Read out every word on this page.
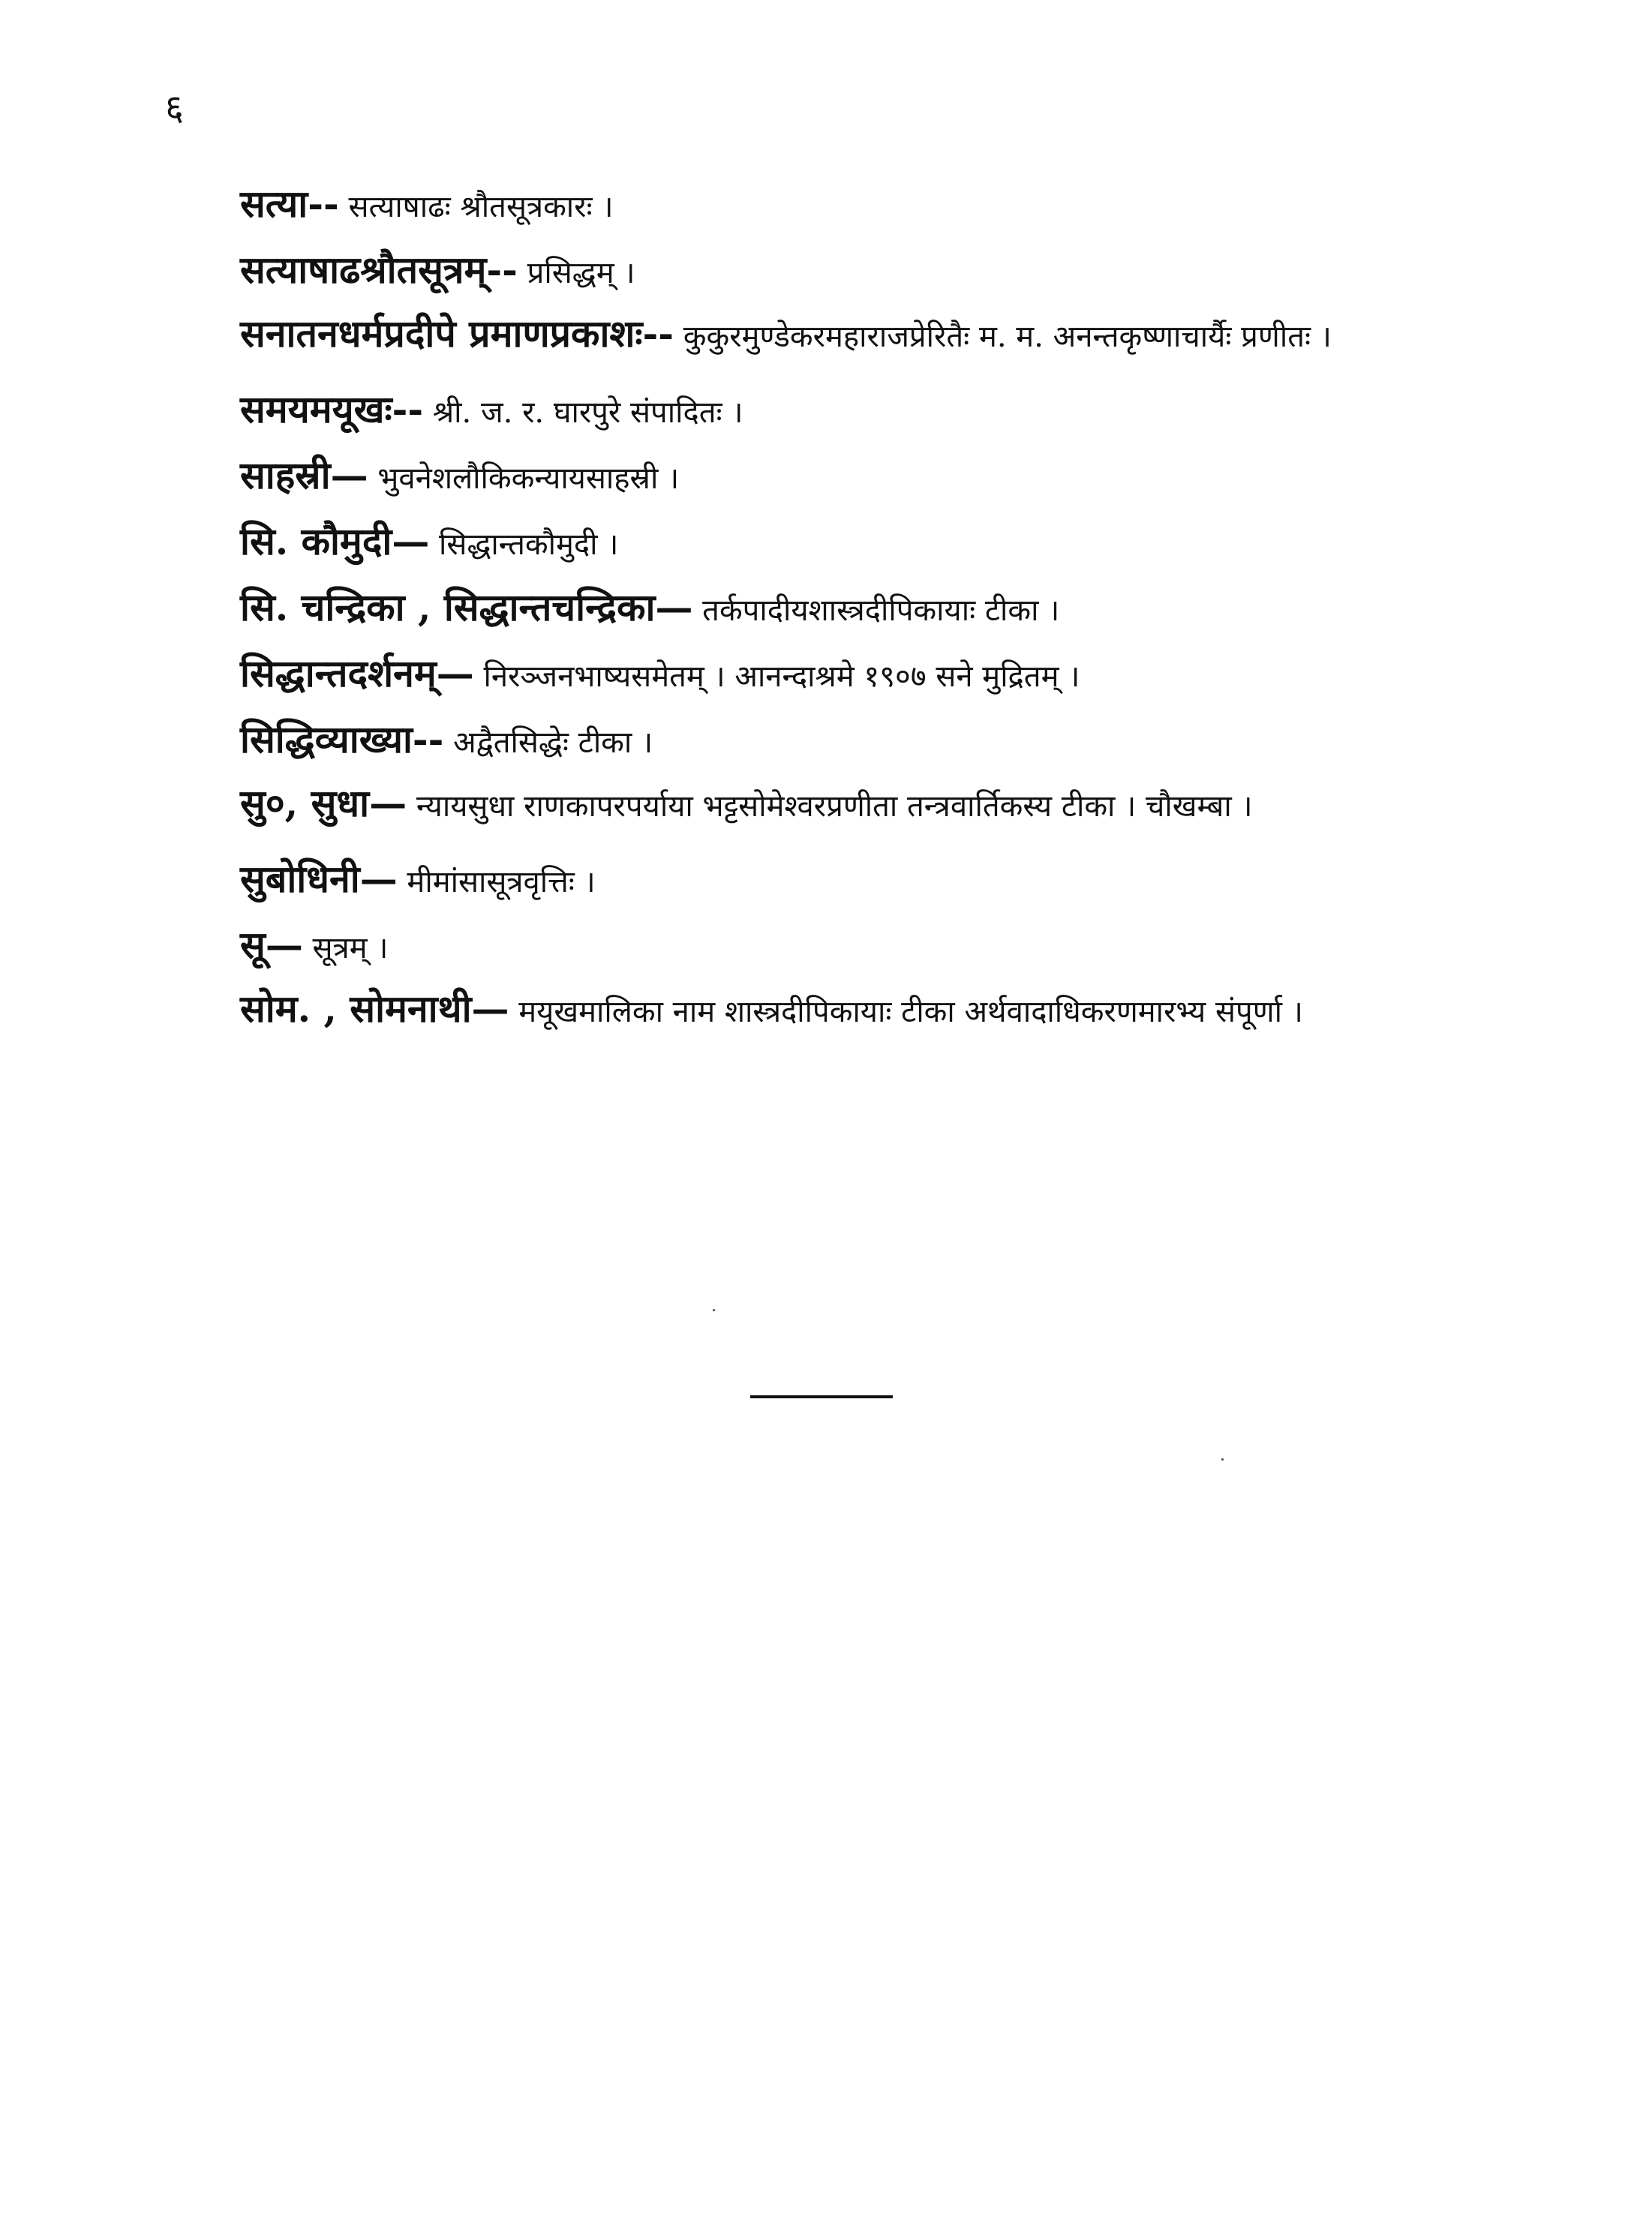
६

सत्या-- सत्याषाढः श्रौतसूत्रकारः ।

सत्याषाढश्रौतसूत्रम्-- प्रसिद्धम् ।

सनातनधर्मप्रदीपे प्रमाणप्रकाशः-- कुकुरमुण्डेकरमहाराजप्रेरितैः म. म. अनन्तकृष्णाचार्यैः प्रणीतः ।

समयमयूखः-- श्री. ज. र. घारपुरे संपादितः ।

साहस्री— भुवनेशलौकिकन्यायसाहस्री ।

सि. कौमुदी— सिद्धान्तकौमुदी ।

सि. चन्द्रिका , सिद्धान्तचन्द्रिका— तर्कपादीयशास्त्रदीपिकायाः टीका ।

सिद्धान्तदर्शनम्— निरञ्जनभाष्यसमेतम् । आनन्दाश्रमे १९०७ सने मुद्रितम् ।

सिद्धिव्याख्या-- अद्वैतसिद्धेः टीका ।

सु०, सुधा— न्यायसुधा राणकापरपर्याया भट्टसोमेश्वरप्रणीता तन्त्रवार्तिकस्य टीका । चौखम्बा ।

सुबोधिनी— मीमांसासूत्रवृत्तिः ।

सू— सूत्रम् ।

सोम. , सोमनाथी— मयूखमालिका नाम शास्त्रदीपिकायाः टीका अर्थवादाधिकरणमारभ्य संपूर्णा ।
